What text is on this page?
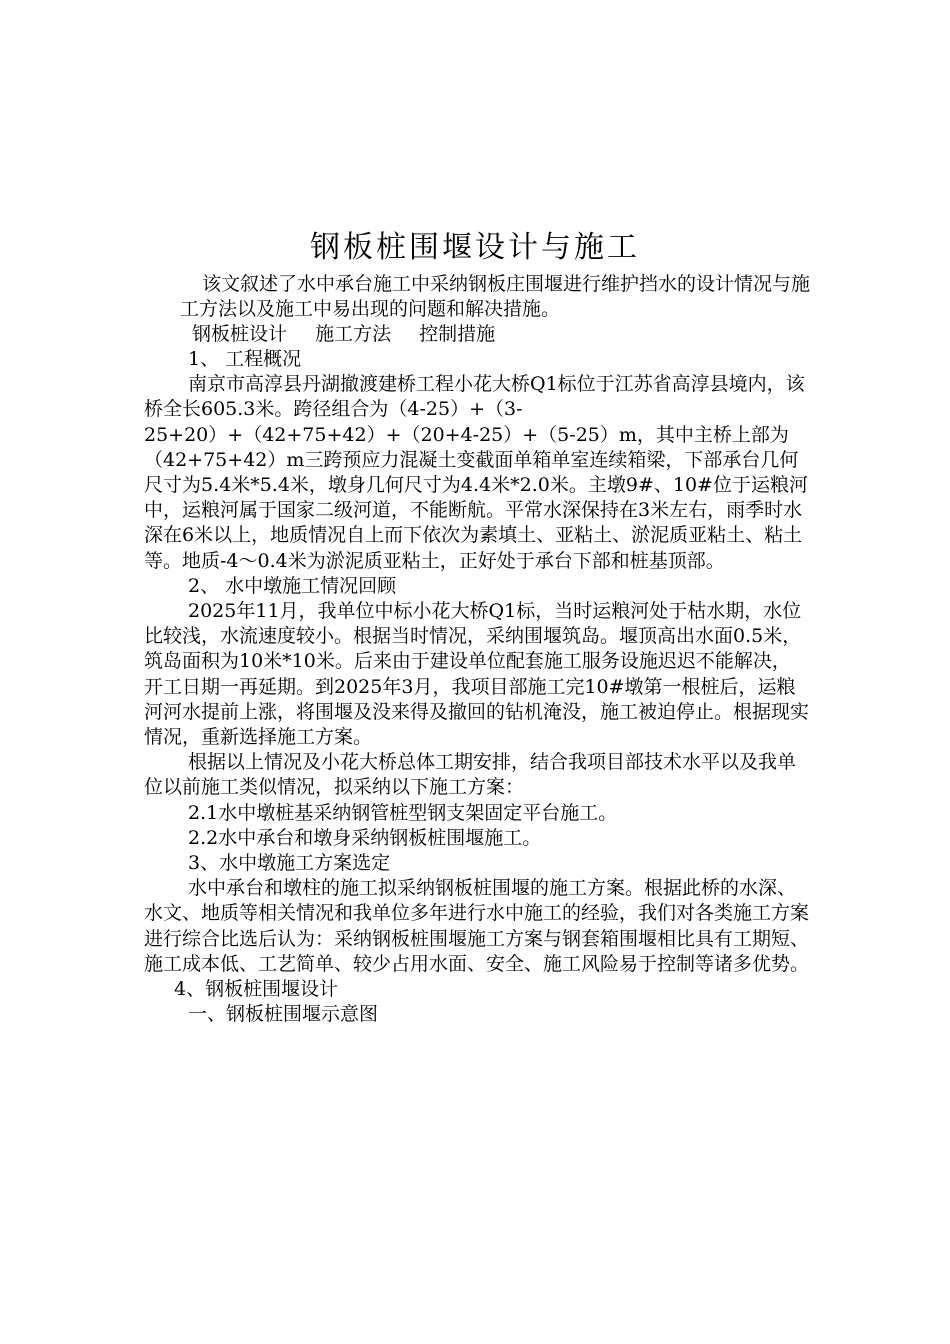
钢板桩围堰设计与施工

该文叙述了水中承台施工中采纳钢板庄围堰进行维护挡水的设计情况与施工方法以及施工中易出现的问题和解决措施。

钢板桩设计 施工方法 控制措施

1、 工程概况

南京市高淳县丹湖撤渡建桥工程小花大桥Q1标位于江苏省高淳县境内，该桥全长605.3米。跨径组合为（4-25）+（3-25+20）+（42+75+42）+（20+4-25）+（5-25）m，其中主桥上部为（42+75+42）m三跨预应力混凝土变截面单箱单室连续箱梁，下部承台几何尺寸为5.4米*5.4米，墩身几何尺寸为4.4米*2.0米。主墩9#、10#位于运粮河中，运粮河属于国家二级河道，不能断航。平常水深保持在3米左右，雨季时水深在6米以上，地质情况自上而下依次为素填土、亚粘土、淤泥质亚粘土、粘土等。地质-4～0.4米为淤泥质亚粘土，正好处于承台下部和桩基顶部。

2、 水中墩施工情况回顾

2025年11月，我单位中标小花大桥Q1标，当时运粮河处于枯水期，水位比较浅，水流速度较小。根据当时情况，采纳围堰筑岛。堰顶高出水面0.5米，筑岛面积为10米*10米。后来由于建设单位配套施工服务设施迟迟不能解决，开工日期一再延期。到2025年3月，我项目部施工完10#墩第一根桩后，运粮河河水提前上涨，将围堰及没来得及撤回的钻机淹没，施工被迫停止。根据现实情况，重新选择施工方案。

根据以上情况及小花大桥总体工期安排，结合我项目部技术水平以及我单位以前施工类似情况，拟采纳以下施工方案：

2.1水中墩桩基采纳钢管桩型钢支架固定平台施工。

2.2水中承台和墩身采纳钢板桩围堰施工。

3、水中墩施工方案选定

水中承台和墩柱的施工拟采纳钢板桩围堰的施工方案。根据此桥的水深、水文、地质等相关情况和我单位多年进行水中施工的经验，我们对各类施工方案进行综合比选后认为：采纳钢板桩围堰施工方案与钢套箱围堰相比具有工期短、施工成本低、工艺简单、较少占用水面、安全、施工风险易于控制等诸多优势。

4、钢板桩围堰设计

一、钢板桩围堰示意图
